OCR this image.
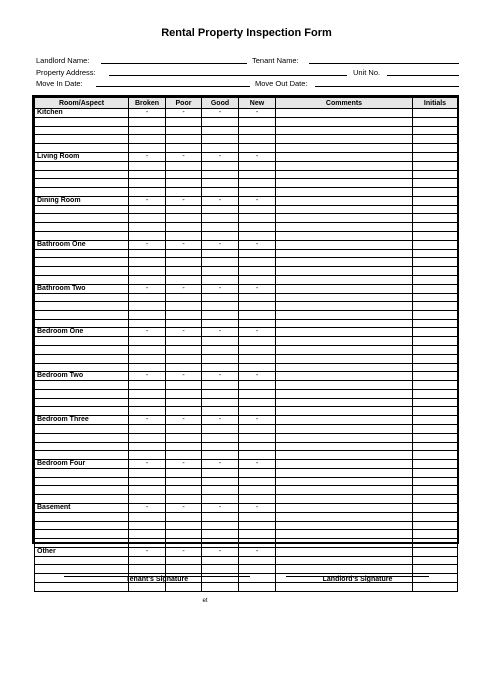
Rental Property Inspection Form
Landlord Name:	Tenant Name:
Property Address:	Unit No.
Move In Date:	Move Out Date:
Room/Aspect	Broken	Poor	Good	New	Comments	Initials
Kitchen	-	-	-	-		

Living Room	-	-	-	-		

Dining Room	-	-	-	-		

Bathroom One	-	-	-	-		

Bathroom Two	-	-	-	-		

Bedroom One	-	-	-	-		

Bedroom Two	-	-	-	-		

Bedroom Three	-	-	-	-		

Bedroom Four	-	-	-	-		

Basement	-	-	-	-		

Other	-	-	-	-		

Tenant's Signature	Landlord's Signature
et
